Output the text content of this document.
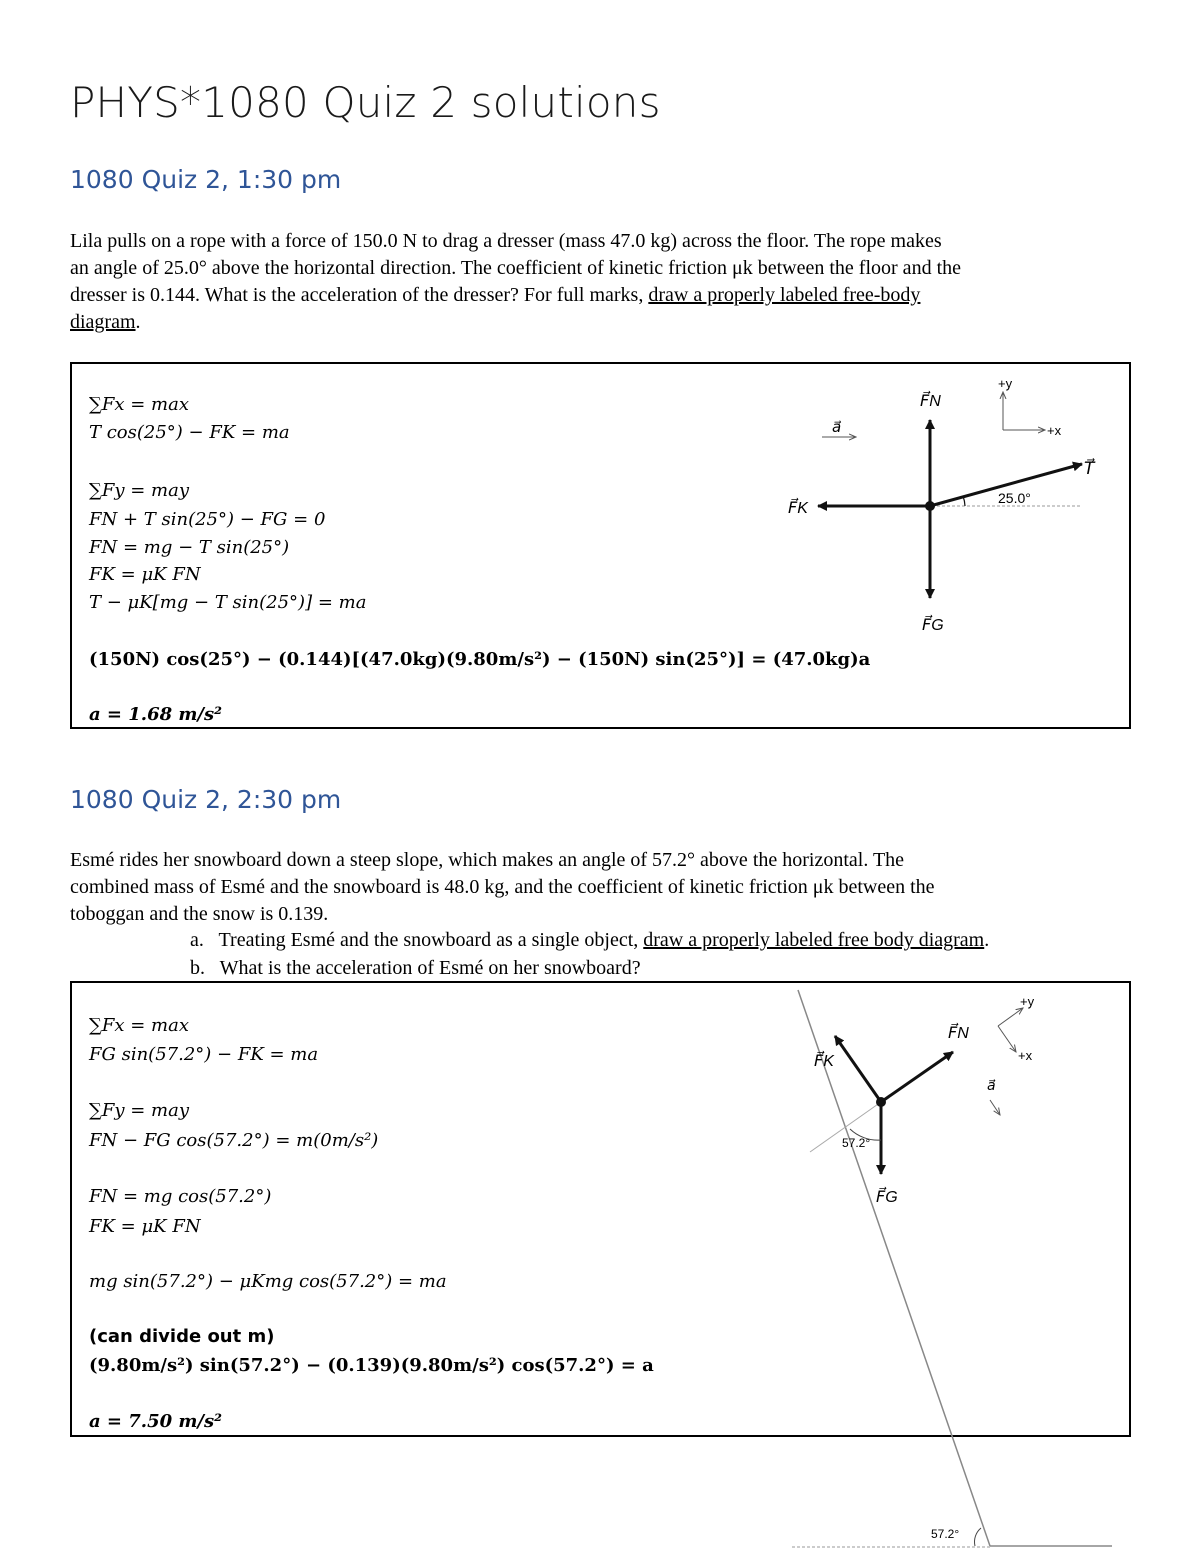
PHYS*1080 Quiz 2 solutions
1080 Quiz 2, 1:30 pm

Lila pulls on a rope with a force of 150.0 N to drag a dresser (mass 47.0 kg) across the floor. The rope makes

an angle of 25.0° above the horizontal direction. The coefficient of kinetic friction μk between the floor and the

dresser is 0.144. What is the acceleration of the dresser? For full marks, draw a properly labeled free-body

diagram.

∑Fx = max
T cos(25°) − FK = ma
∑Fy = may
FN + T sin(25°) − FG = 0
FN = mg − T sin(25°)
FK = μK FN
T − μK[mg − T sin(25°)] = ma
(150N) cos(25°) − (0.144)[(47.0kg)(9.80m/s²) − (150N) sin(25°)] = (47.0kg)a
a = 1.68 m/s²
F⃗N
F⃗K
F⃗G
T⃗
a⃗
+y
+x
25.0°
1080 Quiz 2, 2:30 pm

Esmé rides her snowboard down a steep slope, which makes an angle of 57.2° above the horizontal. The

combined mass of Esmé and the snowboard is 48.0 kg, and the coefficient of kinetic friction μk between the

toboggan and the snow is 0.139.

a. Treating Esmé and the snowboard as a single object, draw a properly labeled free body diagram.
b. What is the acceleration of Esmé on her snowboard?
∑Fx = max
FG sin(57.2°) − FK = ma
∑Fy = may
FN − FG cos(57.2°) = m(0m/s²)
FN = mg cos(57.2°)
FK = μK FN
mg sin(57.2°) − μKmg cos(57.2°) = ma
(can divide out m)
(9.80m/s²) sin(57.2°) − (0.139)(9.80m/s²) cos(57.2°) = a
a = 7.50 m/s²
F⃗K
F⃗N
F⃗G
a⃗
+y
+x
57.2°
57.2°
